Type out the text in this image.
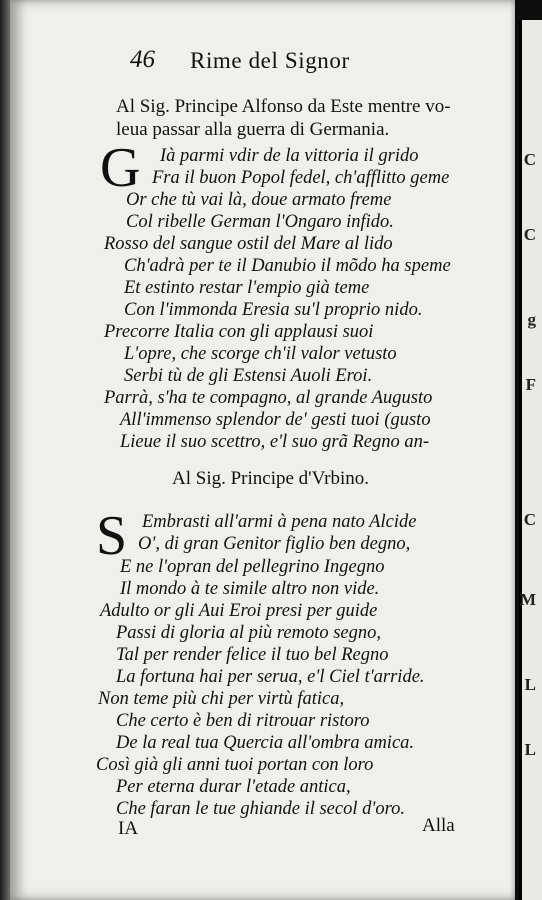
C
C
g
F
C
M
L
L
46 Rime del Signor
Al Sig. Principe Alfonso da Este mentre vo-
leua passar alla guerra di Germania.
G Ià parmi vdir de la vittoria il grido
Fra il buon Popol fedel, ch'afflitto geme
Or che tù vai là, doue armato freme
Col ribelle German l'Ongaro infido.
Rosso del sangue ostil del Mare al lido
Ch'adrà per te il Danubio il mõdo ha speme
Et estinto restar l'empio già teme
Con l'immonda Eresia su'l proprio nido.
Precorre Italia con gli applausi suoi
L'opre, che scorge ch'il valor vetusto
Serbi tù de gli Estensi Auoli Eroi.
Parrà, s'ha te compagno, al grande Augusto
All'immenso splendor de' gesti tuoi (gusto
Lieue il suo scettro, e'l suo grã Regno an-
Al Sig. Principe d'Vrbino.
S Embrasti all'armi à pena nato Alcide
O', di gran Genitor figlio ben degno,
E ne l'opran del pellegrino Ingegno
Il mondo à te simile altro non vide.
Adulto or gli Aui Eroi presi per guide
Passi di gloria al più remoto segno,
Tal per render felice il tuo bel Regno
La fortuna hai per serua, e'l Ciel t'arride.
Non teme più chi per virtù fatica,
Che certo è ben di ritrouar ristoro
De la real tua Quercia all'ombra amica.
Così già gli anni tuoi portan con loro
Per eterna durar l'etade antica,
Che faran le tue ghiande il secol d'oro.
IA	Alla
